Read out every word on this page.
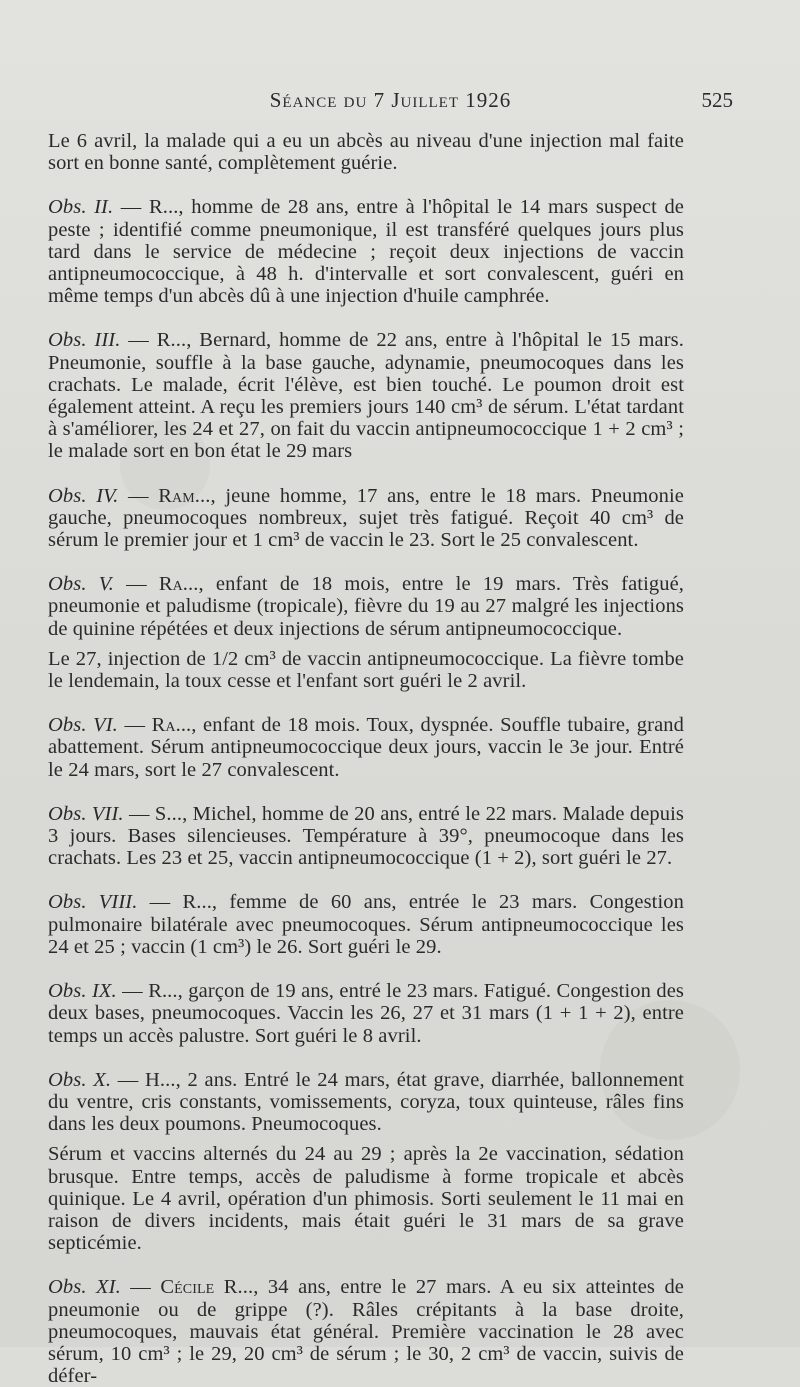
Séance du 7 Juillet 1926	525

Le 6 avril, la malade qui a eu un abcès au niveau d'une injection mal faite sort en bonne santé, complètement guérie.

Obs. II. — R..., homme de 28 ans, entre à l'hôpital le 14 mars suspect de peste ; identifié comme pneumonique, il est transféré quelques jours plus tard dans le service de médecine ; reçoit deux injections de vaccin antipneumococcique, à 48 h. d'intervalle et sort convalescent, guéri en même temps d'un abcès dû à une injection d'huile camphrée.

Obs. III. — R..., Bernard, homme de 22 ans, entre à l'hôpital le 15 mars. Pneumonie, souffle à la base gauche, adynamie, pneumocoques dans les crachats. Le malade, écrit l'élève, est bien touché. Le poumon droit est également atteint. A reçu les premiers jours 140 cm³ de sérum. L'état tardant à s'améliorer, les 24 et 27, on fait du vaccin antipneumococcique 1 + 2 cm³ ; le malade sort en bon état le 29 mars

Obs. IV. — Ram..., jeune homme, 17 ans, entre le 18 mars. Pneumonie gauche, pneumocoques nombreux, sujet très fatigué. Reçoit 40 cm³ de sérum le premier jour et 1 cm³ de vaccin le 23. Sort le 25 convalescent.

Obs. V. — Ra..., enfant de 18 mois, entre le 19 mars. Très fatigué, pneumonie et paludisme (tropicale), fièvre du 19 au 27 malgré les injections de quinine répétées et deux injections de sérum antipneumococcique.

Le 27, injection de 1/2 cm³ de vaccin antipneumococcique. La fièvre tombe le lendemain, la toux cesse et l'enfant sort guéri le 2 avril.

Obs. VI. — Ra..., enfant de 18 mois. Toux, dyspnée. Souffle tubaire, grand abattement. Sérum antipneumococcique deux jours, vaccin le 3e jour. Entré le 24 mars, sort le 27 convalescent.

Obs. VII. — S..., Michel, homme de 20 ans, entré le 22 mars. Malade depuis 3 jours. Bases silencieuses. Température à 39°, pneumocoque dans les crachats. Les 23 et 25, vaccin antipneumococcique (1 + 2), sort guéri le 27.

Obs. VIII. — R..., femme de 60 ans, entrée le 23 mars. Congestion pulmonaire bilatérale avec pneumocoques. Sérum antipneumococcique les 24 et 25 ; vaccin (1 cm³) le 26. Sort guéri le 29.

Obs. IX. — R..., garçon de 19 ans, entré le 23 mars. Fatigué. Congestion des deux bases, pneumocoques. Vaccin les 26, 27 et 31 mars (1 + 1 + 2), entre temps un accès palustre. Sort guéri le 8 avril.

Obs. X. — H..., 2 ans. Entré le 24 mars, état grave, diarrhée, ballonnement du ventre, cris constants, vomissements, coryza, toux quinteuse, râles fins dans les deux poumons. Pneumocoques.

Sérum et vaccins alternés du 24 au 29 ; après la 2e vaccination, sédation brusque. Entre temps, accès de paludisme à forme tropicale et abcès quinique. Le 4 avril, opération d'un phimosis. Sorti seulement le 11 mai en raison de divers incidents, mais était guéri le 31 mars de sa grave septicémie.

Obs. XI. — Cécile R..., 34 ans, entre le 27 mars. A eu six atteintes de pneumonie ou de grippe (?). Râles crépitants à la base droite, pneumocoques, mauvais état général. Première vaccination le 28 avec sérum, 10 cm³ ; le 29, 20 cm³ de sérum ; le 30, 2 cm³ de vaccin, suivis de défer-
